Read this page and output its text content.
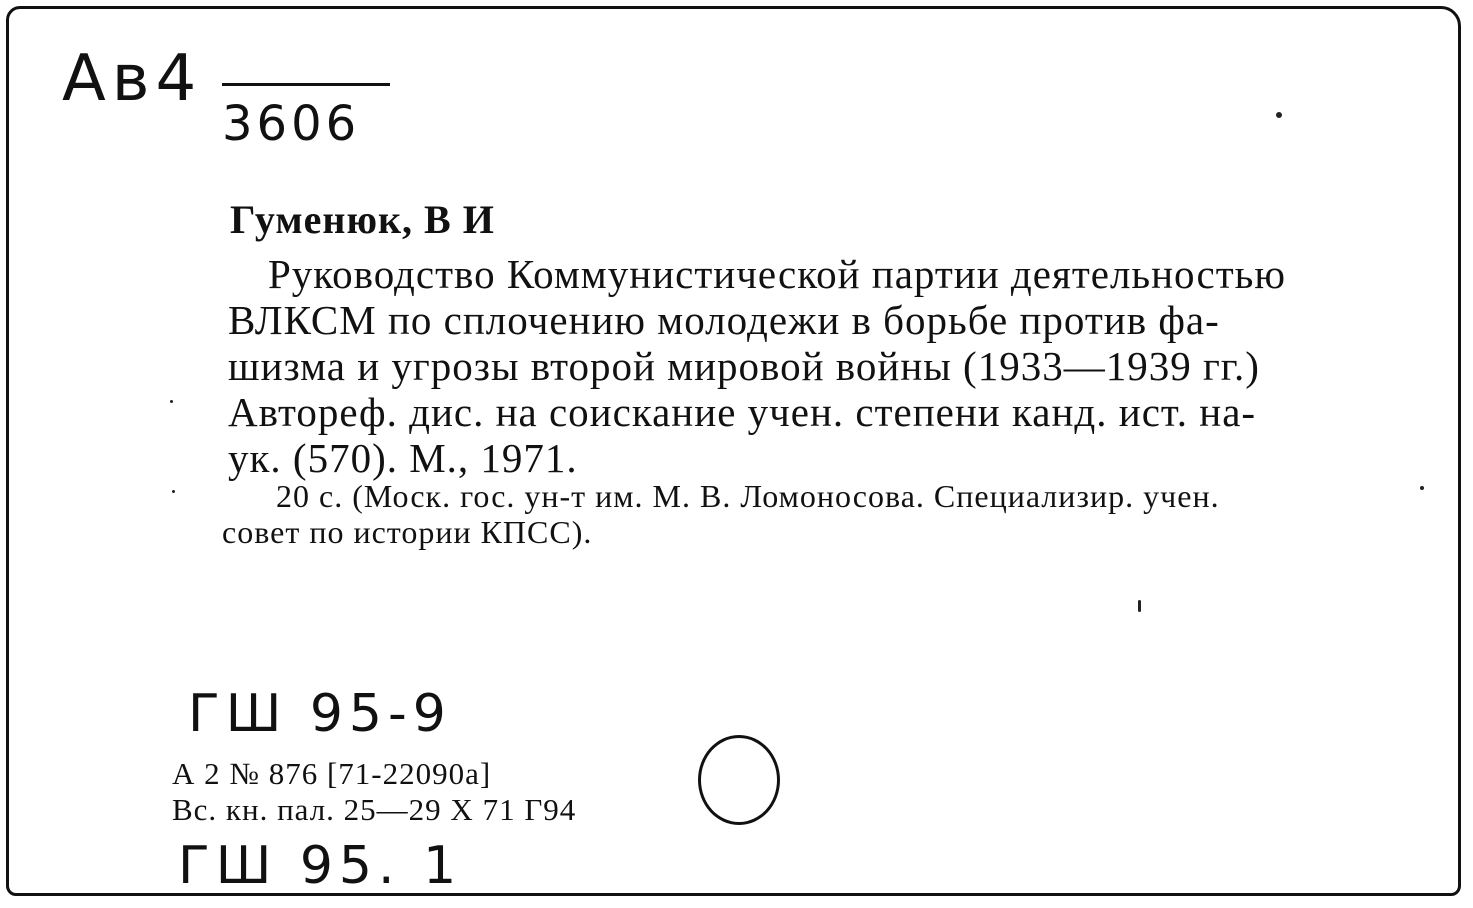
Ав4
3606
Гуменюк, В И
Руководство Коммунистической партии деятельностью
ВЛКСМ по сплочению молодежи в борьбе против фа-
шизма и угрозы второй мировой войны (1933—1939 гг.)
Автореф. дис. на соискание учен. степени канд. ист. на-
ук. (570). М., 1971.
20 с. (Моск. гос. ун-т им. М. В. Ломоносова. Специализир. учен.
совет по истории КПСС).
ГШ 95-9
А 2 № 876 [71-22090а]
Вс. кн. пал. 25—29 X 71 Г94
ГШ 95. 1
